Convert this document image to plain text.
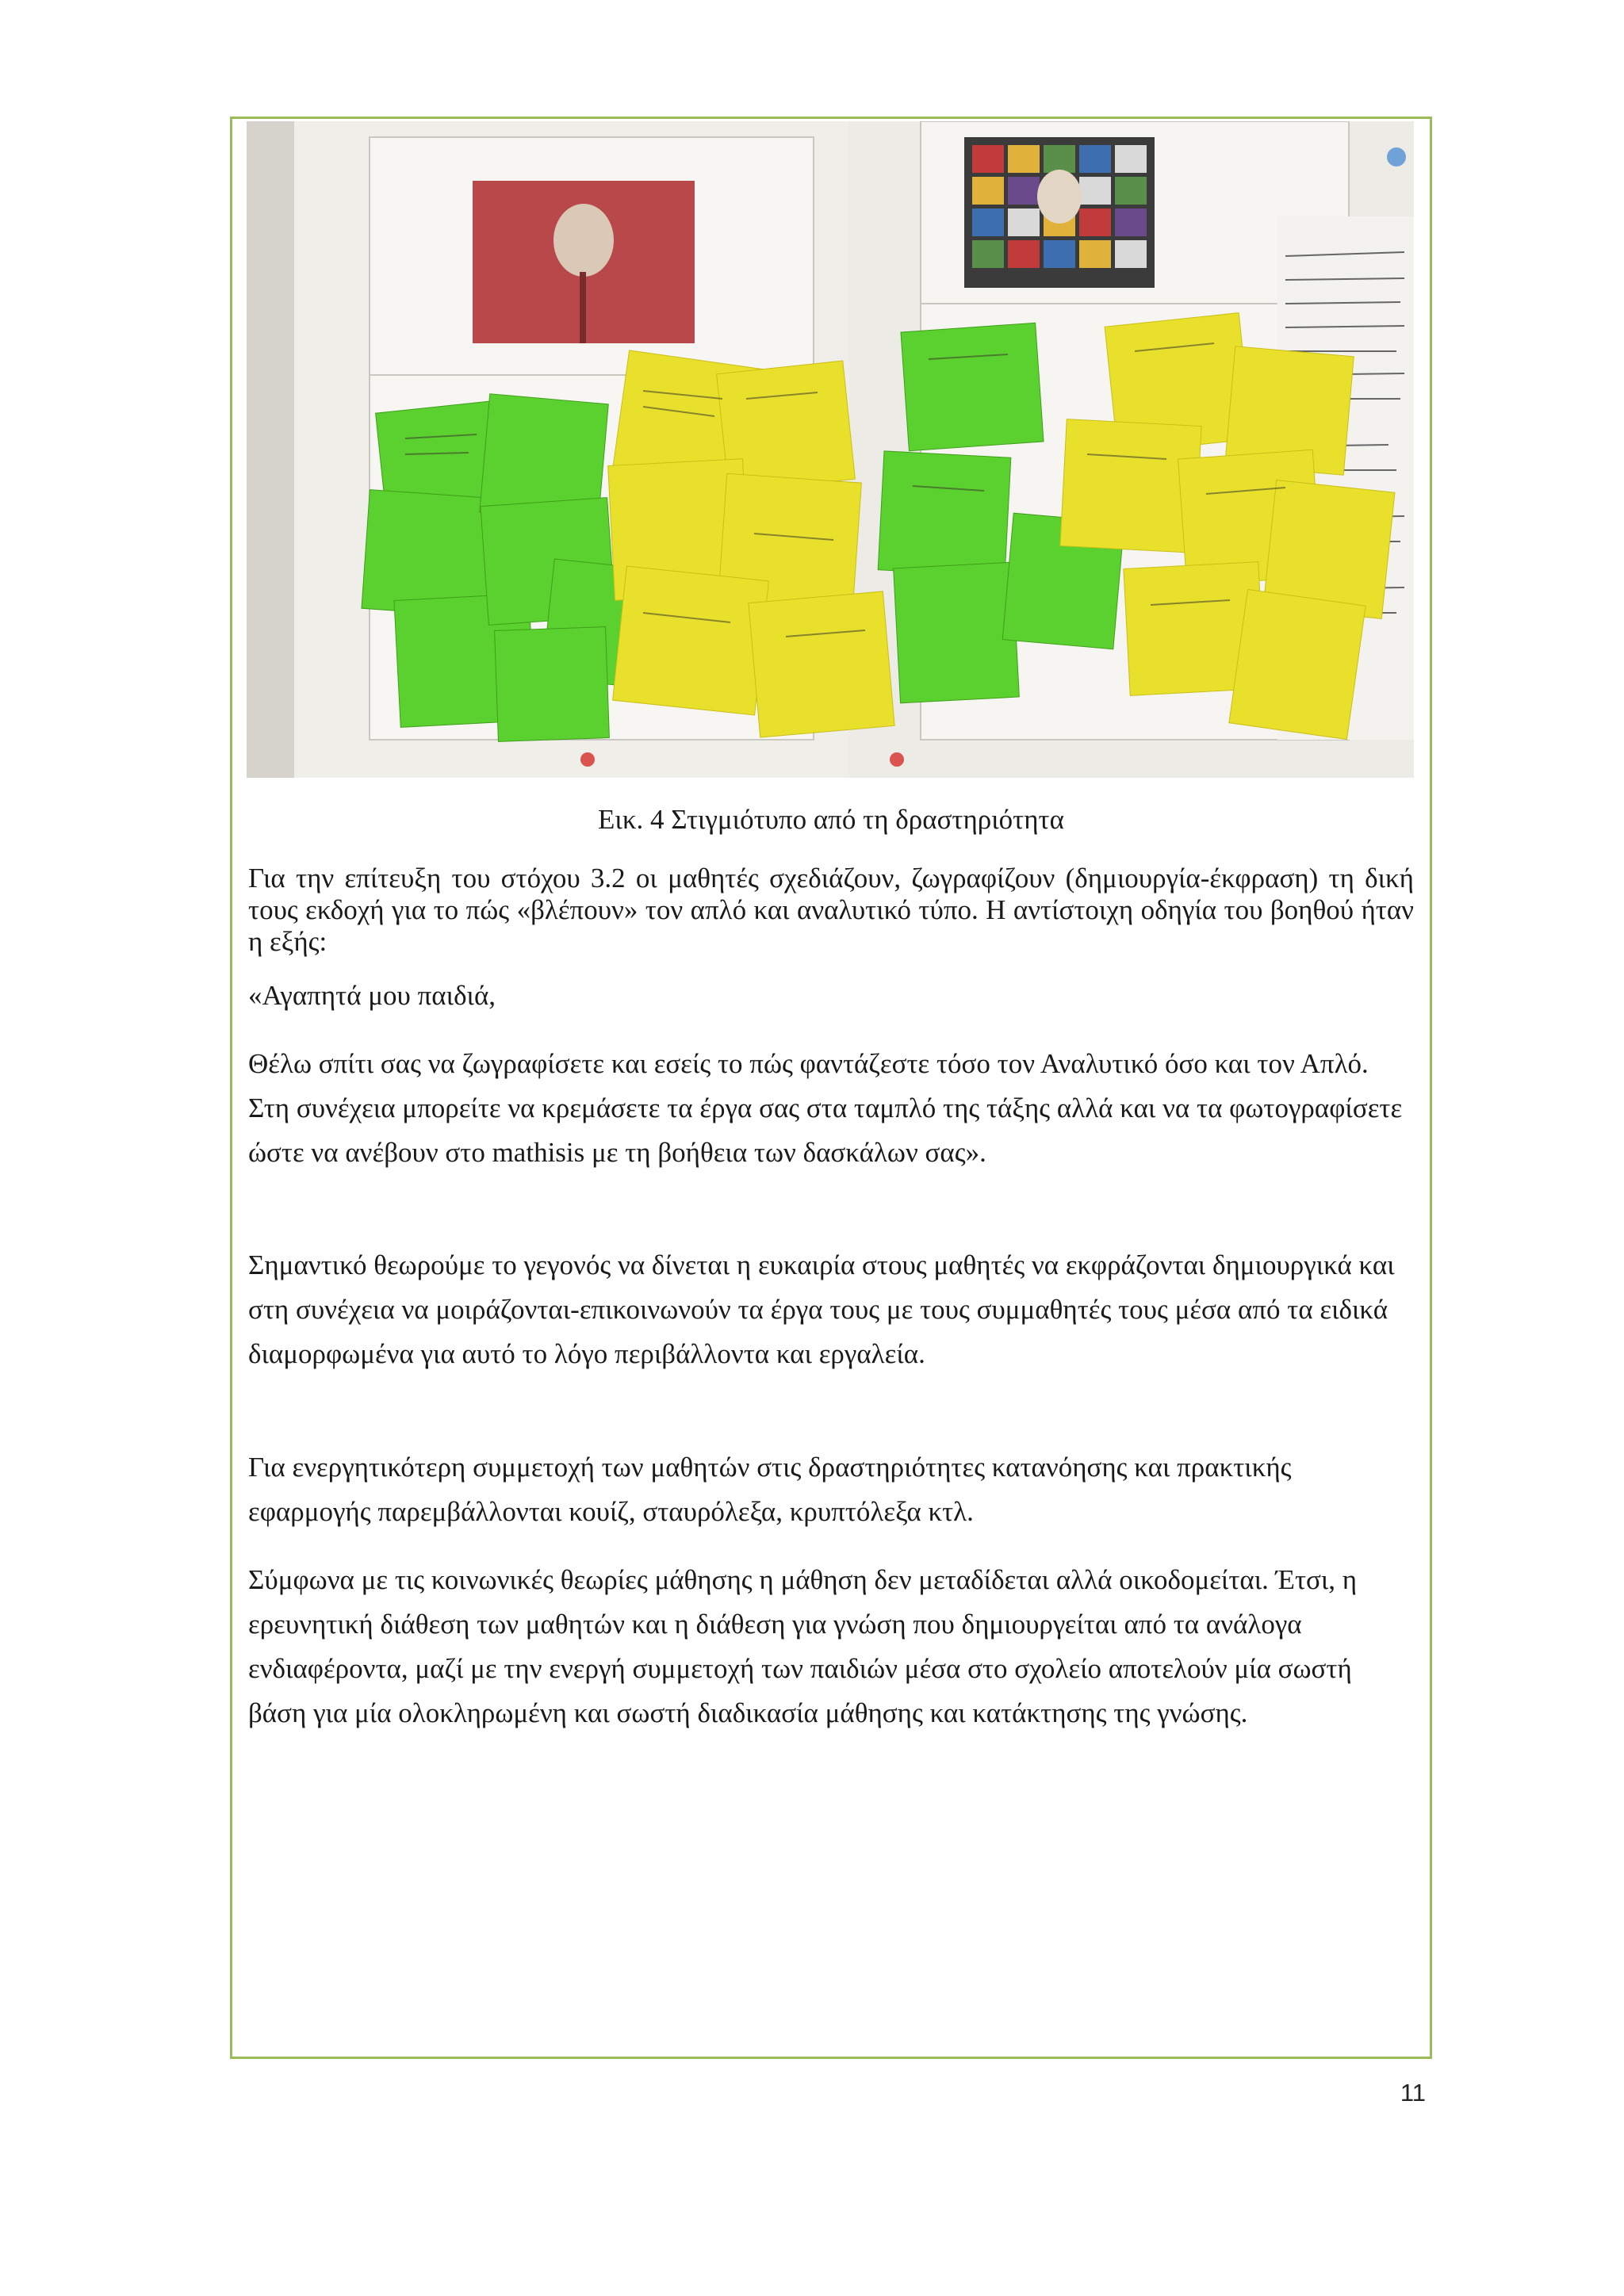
Εικ. 4 Στιγμιότυπο από τη δραστηριότητα
Για την επίτευξη του στόχου 3.2 οι μαθητές σχεδιάζουν, ζωγραφίζουν (δημιουργία-έκφραση) τη δική τους εκδοχή για το πώς «βλέπουν» τον απλό και αναλυτικό τύπο. Η αντίστοιχη οδηγία του βοηθού ήταν η εξής:
«Αγαπητά μου παιδιά,
Θέλω σπίτι σας να ζωγραφίσετε και εσείς το πώς φαντάζεστε τόσο τον Αναλυτικό όσο και τον Απλό. Στη συνέχεια μπορείτε να κρεμάσετε τα έργα σας στα ταμπλό της τάξης αλλά και να τα φωτογραφίσετε ώστε να ανέβουν στο mathisis με τη βοήθεια των δασκάλων σας».
Σημαντικό θεωρούμε το γεγονός να δίνεται η ευκαιρία στους μαθητές να εκφράζονται δημιουργικά και στη συνέχεια να μοιράζονται-επικοινωνούν τα έργα τους με τους συμμαθητές τους μέσα από τα ειδικά διαμορφωμένα για αυτό το λόγο περιβάλλοντα και εργαλεία.
Για ενεργητικότερη συμμετοχή των μαθητών στις δραστηριότητες κατανόησης και πρακτικής εφαρμογής παρεμβάλλονται κουίζ, σταυρόλεξα, κρυπτόλεξα κτλ.
Σύμφωνα με τις κοινωνικές θεωρίες μάθησης η μάθηση δεν μεταδίδεται αλλά οικοδομείται. Έτσι, η ερευνητική διάθεση των μαθητών και η διάθεση για γνώση που δημιουργείται από τα ανάλογα ενδιαφέροντα, μαζί με την ενεργή συμμετοχή των παιδιών μέσα στο σχολείο αποτελούν μία σωστή βάση για μία ολοκληρωμένη και σωστή διαδικασία μάθησης και κατάκτησης της γνώσης.
11
